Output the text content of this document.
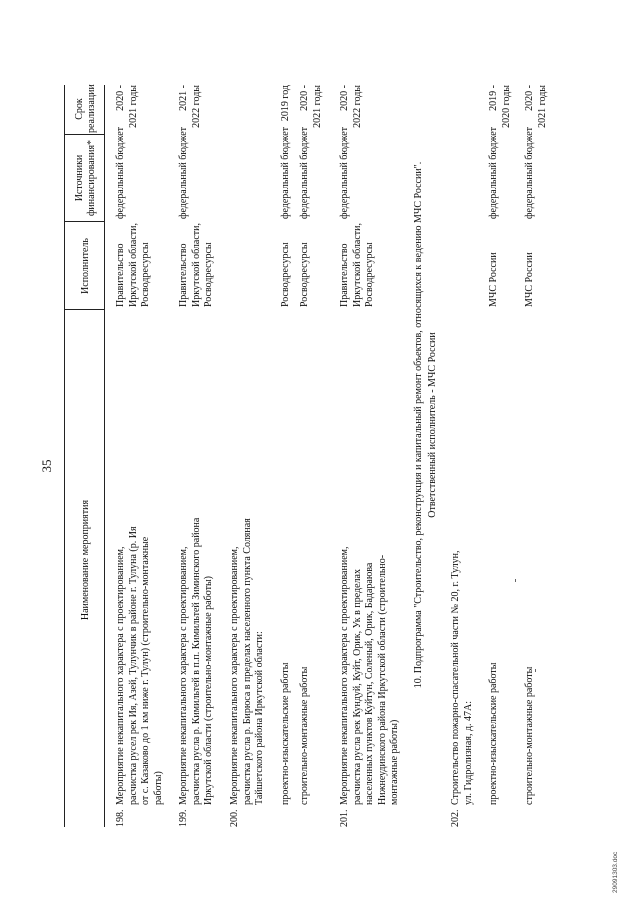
35
Наименование мероприятия
Исполнитель
Источники финансирования*
Срок реализации
198.
Мероприятие некапитального характера с проектированием, расчистка русел рек Ия, Азей, Тулунчик в районе г. Тулуна (р. Ия от с. Казаково до 1 км ниже г. Тулун) (строительно-монтажные работы)
Правительство Иркутской области, Росводресурсы
федеральный бюджет
2020 - 2021 годы
199.
Мероприятие некапитального характера с проектированием, расчистка русла р. Кимильтей в п.п. Кимильтей Зиминского района Иркутской области (строительно-монтажные работы)
Правительство Иркутской области, Росводресурсы
федеральный бюджет
2021 - 2022 годы
200.
Мероприятие некапитального характера с проектированием, расчистка русла р. Бирюса в пределах населенного пункта Соляная Тайшетского района Иркутской области: проектно-изыскательские работы
Росводресурсы
федеральный бюджет
2019 год
строительно-монтажные работы
Росводресурсы
федеральный бюджет
2020 - 2021 годы
201.
Мероприятие некапитального характера с проектированием, расчистка русла рек Кундуй, Куйт, Орик, Ук в пределах населенных пунктов Куйтун, Соленый, Орик, Бадараюва Нижнеудинского района Иркутской области (строительно- монтажные работы)
Правительство Иркутской области, Росводресурсы
федеральный бюджет
2020 - 2022 годы
10. Подпрограмма "Строительство, реконструкция и капитальный ремонт объектов, относящихся к ведению МЧС России". Ответственный исполнитель - МЧС России
202.
Строительство пожарно-спасательной части № 20, г. Тулун, ул. Гидролизная, д. 47А: проектно-изыскательские работы
МЧС России
федеральный бюджет
2019 - 2020 годы
строительно-монтажные работы
МЧС России
федеральный бюджет
2020 - 2021 годы
29091303.doc
